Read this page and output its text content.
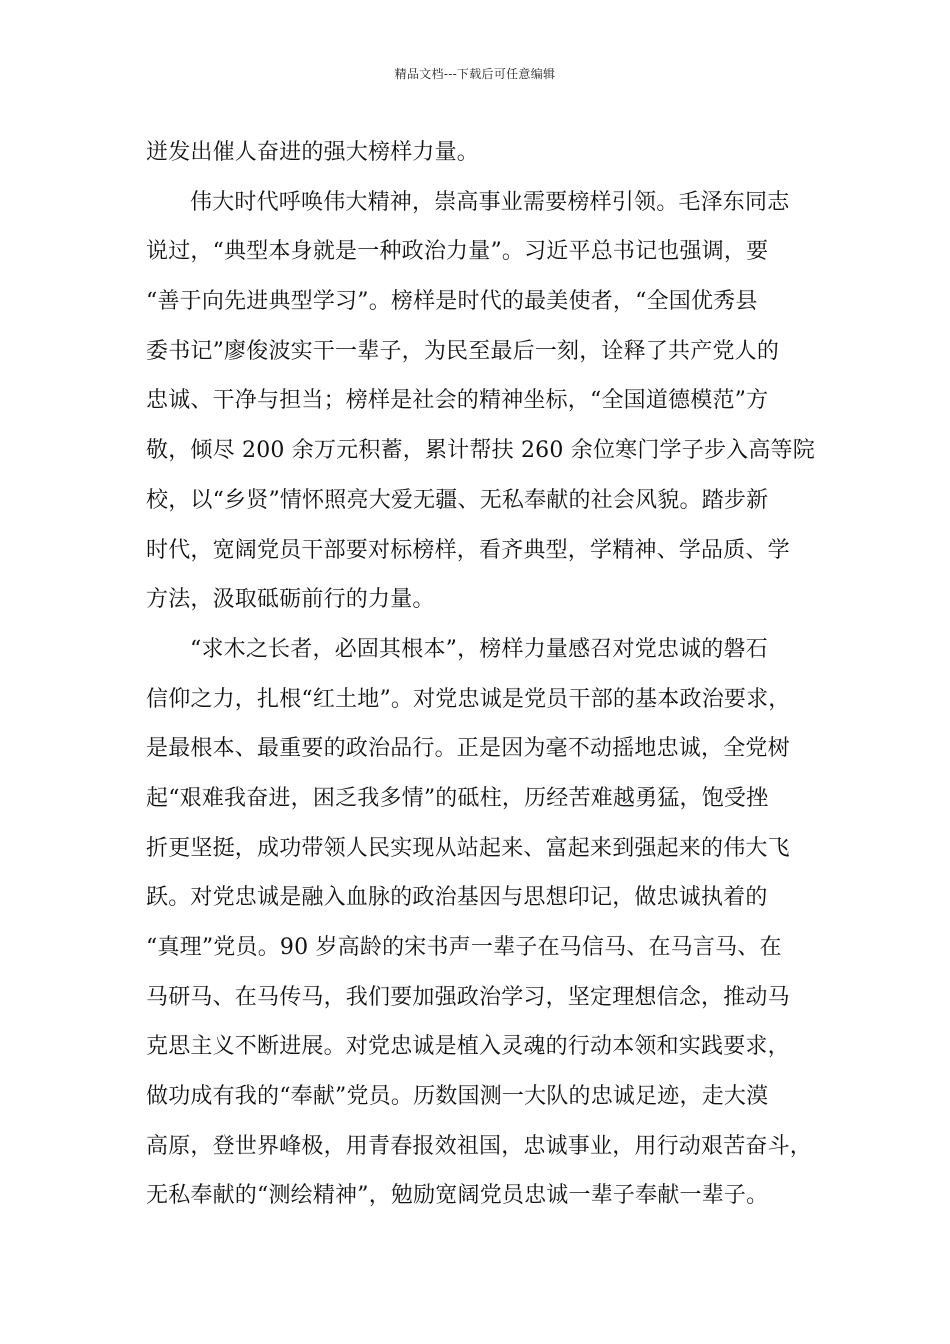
精品文档---下载后可任意编辑
迸发出催人奋进的强大榜样力量。
伟大时代呼唤伟大精神，崇高事业需要榜样引领。毛泽东同志
说过，“典型本身就是一种政治力量”。习近平总书记也强调，要
“善于向先进典型学习”。榜样是时代的最美使者，“全国优秀县
委书记”廖俊波实干一辈子，为民至最后一刻，诠释了共产党人的
忠诚、干净与担当；榜样是社会的精神坐标，“全国道德模范”方
敬，倾尽 200 余万元积蓄，累计帮扶 260 余位寒门学子步入高等院
校，以“乡贤”情怀照亮大爱无疆、无私奉献的社会风貌。踏步新
时代，宽阔党员干部要对标榜样，看齐典型，学精神、学品质、学
方法，汲取砥砺前行的力量。
“求木之长者，必固其根本”，榜样力量感召对党忠诚的磐石
信仰之力，扎根“红土地”。对党忠诚是党员干部的基本政治要求，
是最根本、最重要的政治品行。正是因为毫不动摇地忠诚，全党树
起“艰难我奋进，困乏我多情”的砥柱，历经苦难越勇猛，饱受挫
折更坚挺，成功带领人民实现从站起来、富起来到强起来的伟大飞
跃。对党忠诚是融入血脉的政治基因与思想印记，做忠诚执着的
“真理”党员。90 岁高龄的宋书声一辈子在马信马、在马言马、在
马研马、在马传马，我们要加强政治学习，坚定理想信念，推动马
克思主义不断进展。对党忠诚是植入灵魂的行动本领和实践要求，
做功成有我的“奉献”党员。历数国测一大队的忠诚足迹，走大漠
高原，登世界峰极，用青春报效祖国，忠诚事业，用行动艰苦奋斗，
无私奉献的“测绘精神”，勉励宽阔党员忠诚一辈子奉献一辈子。
